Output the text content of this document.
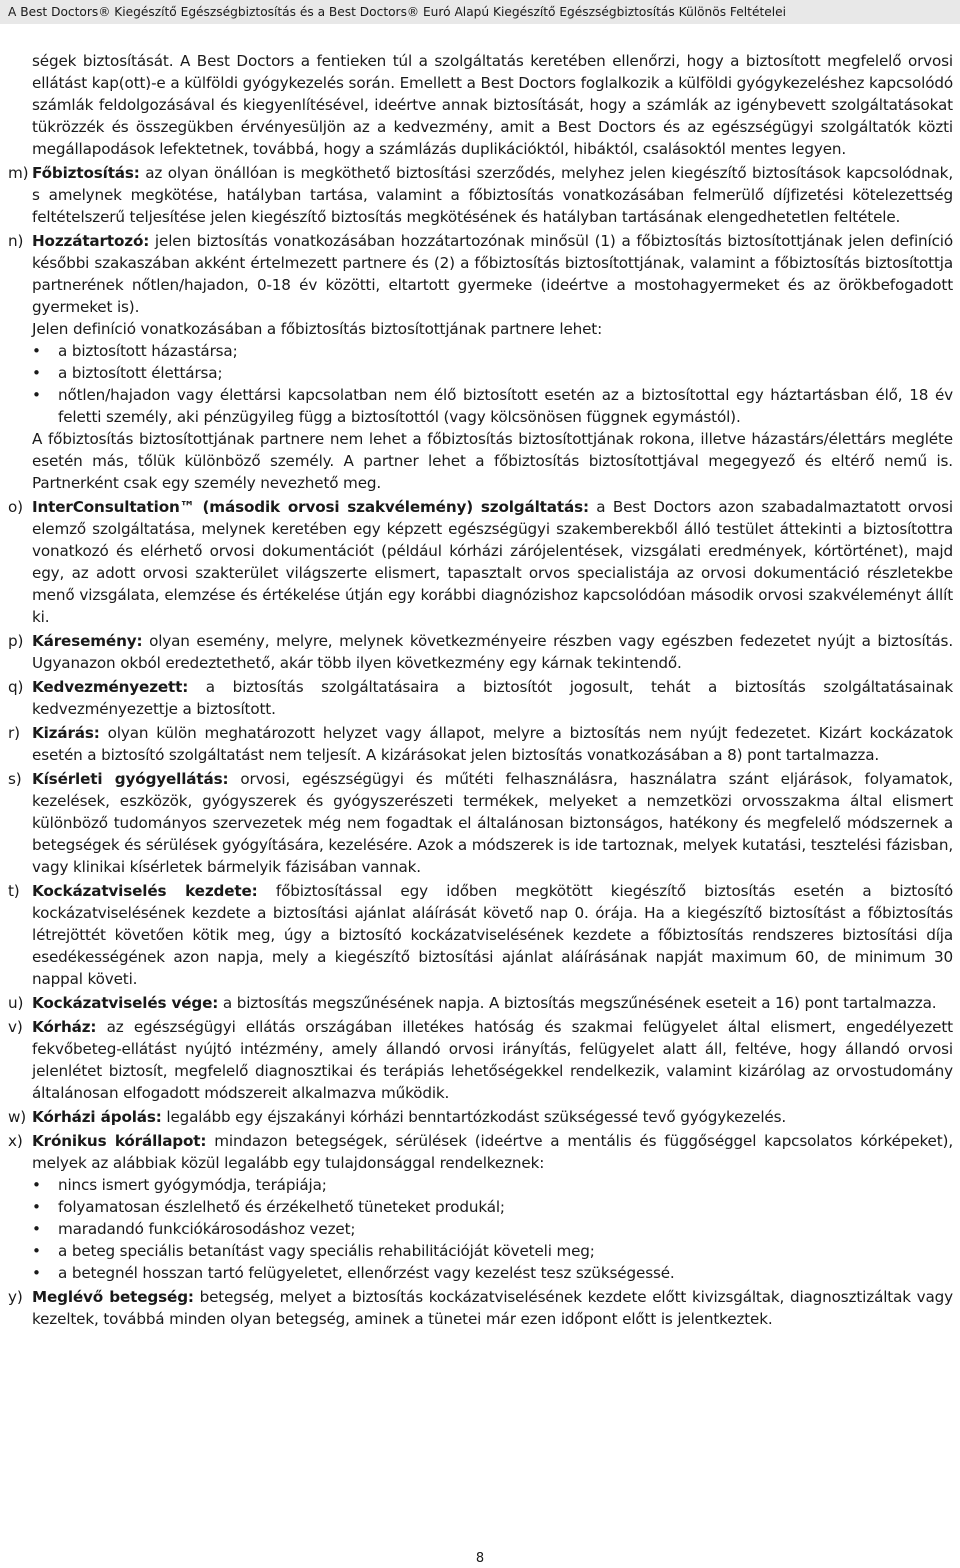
A Best Doctors® Kiegészítő Egészségbiztosítás és a Best Doctors® Euró Alapú Kiegészítő Egészségbiztosítás Különös Feltételei

ségek biztosítását. A Best Doctors a fentieken túl a szolgáltatás keretében ellenőrzi, hogy a biztosított megfelelő orvosi ellátást kap(ott)-e a külföldi gyógykezelés során. Emellett a Best Doctors foglalkozik a külföldi gyógykezeléshez kapcsolódó számlák feldolgozásával és kiegyenlítésével, ideértve annak biztosítását, hogy a számlák az igénybevett szolgáltatásokat tükrözzék és összegükben érvényesüljön az a kedvezmény, amit a Best Doctors és az egészségügyi szolgáltatók közti megállapodások lefektetnek, továbbá, hogy a számlázás duplikációktól, hibáktól, csalásoktól mentes legyen.

m) Főbiztosítás: az olyan önállóan is megköthető biztosítási szerződés, melyhez jelen kiegészítő biztosítások kapcsolódnak, s amelynek megkötése, hatályban tartása, valamint a főbiztosítás vonatkozásában felmerülő díjfizetési kötelezettség feltételszerű teljesítése jelen kiegészítő biztosítás megkötésének és hatályban tartásának elengedhetetlen feltétele.
n) Hozzátartozó: jelen biztosítás vonatkozásában hozzátartozónak minősül (1) a főbiztosítás biztosítottjának jelen definíció későbbi szakaszában akként értelmezett partnere és (2) a főbiztosítás biztosítottjának, valamint a főbiztosítás biztosítottja partnerének nőtlen/hajadon, 0-18 év közötti, eltartott gyermeke (ideértve a mostohagyermeket és az örökbefogadott gyermeket is).

Jelen definíció vonatkozásában a főbiztosítás biztosítottjának partnere lehet:

• a biztosított házastársa;
• a biztosított élettársa;
• nőtlen/hajadon vagy élettársi kapcsolatban nem élő biztosított esetén az a biztosítottal egy háztartásban élő, 18 év feletti személy, aki pénzügyileg függ a biztosítottól (vagy kölcsönösen függnek egymástól).

A főbiztosítás biztosítottjának partnere nem lehet a főbiztosítás biztosítottjának rokona, illetve házastárs/élettárs megléte esetén más, tőlük különböző személy. A partner lehet a főbiztosítás biztosítottjával megegyező és eltérő nemű is. Partnerként csak egy személy nevezhető meg.

o) InterConsultation™ (második orvosi szakvélemény) szolgáltatás: a Best Doctors azon szabadalmaztatott orvosi elemző szolgáltatása, melynek keretében egy képzett egészségügyi szakemberekből álló testület áttekinti a biztosítottra vonatkozó és elérhető orvosi dokumentációt (például kórházi zárójelentések, vizsgálati eredmények, kórtörténet), majd egy, az adott orvosi szakterület világszerte elismert, tapasztalt orvos specialistája az orvosi dokumentáció részletekbe menő vizsgálata, elemzése és értékelése útján egy korábbi diagnózishoz kapcsolódóan második orvosi szakvéleményt állít ki.
p) Káresemény: olyan esemény, melyre, melynek következményeire részben vagy egészben fedezetet nyújt a biztosítás. Ugyanazon okból eredeztethető, akár több ilyen következmény egy kárnak tekintendő.
q) Kedvezményezett: a biztosítás szolgáltatásaira a biztosítót jogosult, tehát a biztosítás szolgáltatásainak kedvezményezettje a biztosított.
r) Kizárás: olyan külön meghatározott helyzet vagy állapot, melyre a biztosítás nem nyújt fedezetet. Kizárt kockázatok esetén a biztosító szolgáltatást nem teljesít. A kizárásokat jelen biztosítás vonatkozásában a 8) pont tartalmazza.
s) Kísérleti gyógyellátás: orvosi, egészségügyi és műtéti felhasználásra, használatra szánt eljárások, folyamatok, kezelések, eszközök, gyógyszerek és gyógyszerészeti termékek, melyeket a nemzetközi orvosszakma által elismert különböző tudományos szervezetek még nem fogadtak el általánosan biztonságos, hatékony és megfelelő módszernek a betegségek és sérülések gyógyítására, kezelésére. Azok a módszerek is ide tartoznak, melyek kutatási, tesztelési fázisban, vagy klinikai kísérletek bármelyik fázisában vannak.
t) Kockázatviselés kezdete: főbiztosítással egy időben megkötött kiegészítő biztosítás esetén a biztosító kockázatviselésének kezdete a biztosítási ajánlat aláírását követő nap 0. órája. Ha a kiegészítő biztosítást a főbiztosítás létrejöttét követően kötik meg, úgy a biztosító kockázatviselésének kezdete a főbiztosítás rendszeres biztosítási díja esedékességének azon napja, mely a kiegészítő biztosítási ajánlat aláírásának napját maximum 60, de minimum 30 nappal követi.
u) Kockázatviselés vége: a biztosítás megszűnésének napja. A biztosítás megszűnésének eseteit a 16) pont tartalmazza.
v) Kórház: az egészségügyi ellátás országában illetékes hatóság és szakmai felügyelet által elismert, engedélyezett fekvőbeteg-ellátást nyújtó intézmény, amely állandó orvosi irányítás, felügyelet alatt áll, feltéve, hogy állandó orvosi jelenlétet biztosít, megfelelő diagnosztikai és terápiás lehetőségekkel rendelkezik, valamint kizárólag az orvostudomány általánosan elfogadott módszereit alkalmazva működik.
w) Kórházi ápolás: legalább egy éjszakányi kórházi benntartózkodást szükségessé tevő gyógykezelés.
x) Krónikus kórállapot: mindazon betegségek, sérülések (ideértve a mentális és függőséggel kapcsolatos kórképeket), melyek az alábbiak közül legalább egy tulajdonsággal rendelkeznek:
• nincs ismert gyógymódja, terápiája;
• folyamatosan észlelhető és érzékelhető tüneteket produkál;
• maradandó funkciókárosodáshoz vezet;
• a beteg speciális betanítást vagy speciális rehabilitációját követeli meg;
• a betegnél hosszan tartó felügyeletet, ellenőrzést vagy kezelést tesz szükségessé.
y) Meglévő betegség: betegség, melyet a biztosítás kockázatviselésének kezdete előtt kivizsgáltak, diagnosztizáltak vagy kezeltek, továbbá minden olyan betegség, aminek a tünetei már ezen időpont előtt is jelentkeztek.
8
